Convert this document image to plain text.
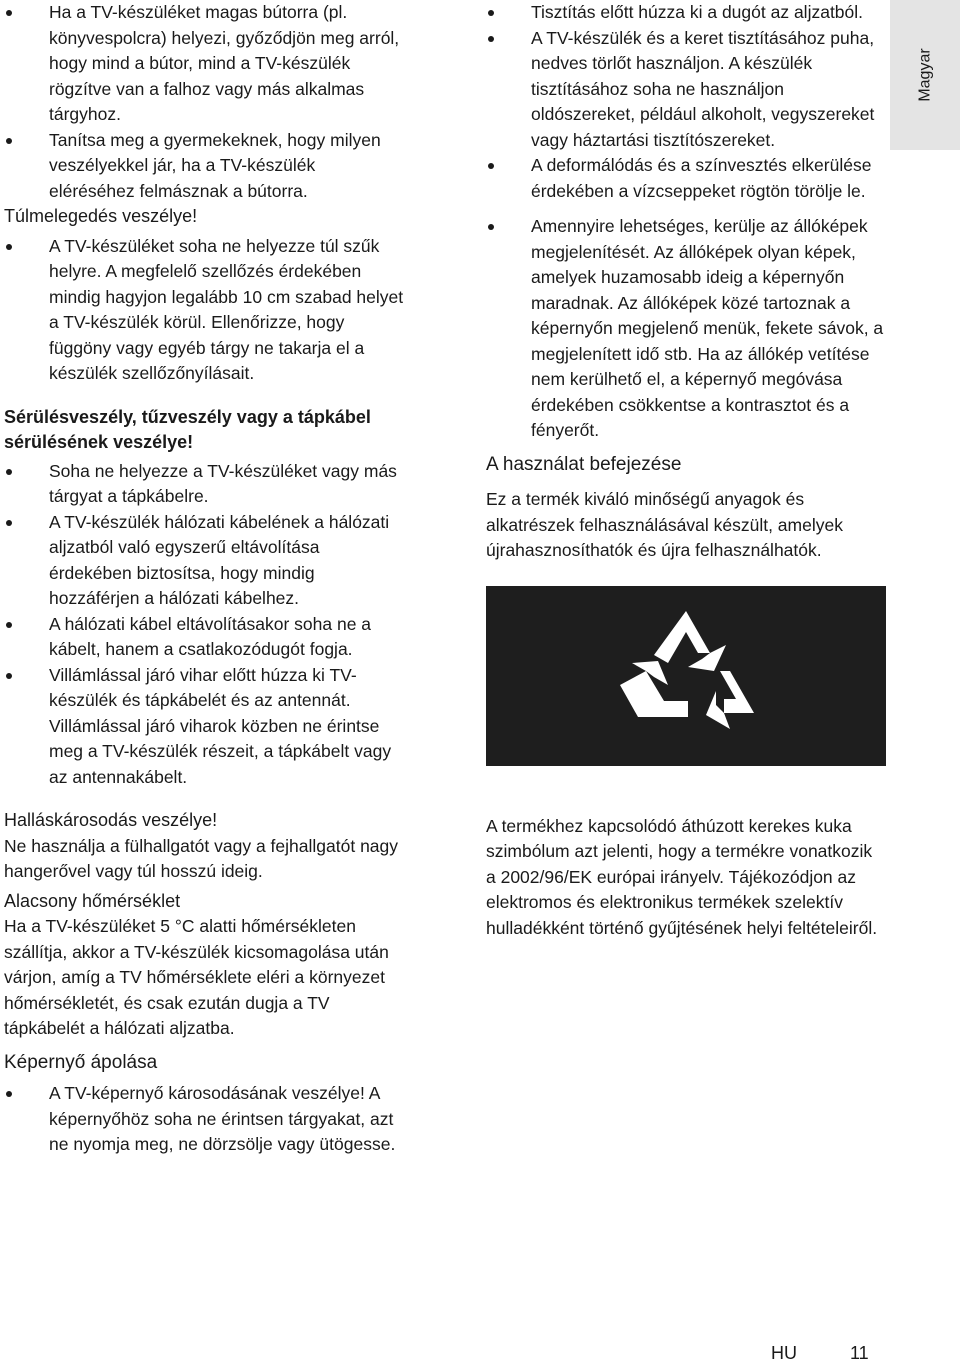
Magyar
Ha a TV-készüléket magas bútorra (pl. könyvespolcra) helyezi, győződjön meg arról, hogy mind a bútor, mind a TV-készülék rögzítve van a falhoz vagy más alkalmas tárgyhoz.
Tanítsa meg a gyermekeknek, hogy milyen veszélyekkel jár, ha a TV-készülék eléréséhez felmásznak a bútorra.
Túlmelegedés veszélye!
A TV-készüléket soha ne helyezze túl szűk helyre. A megfelelő szellőzés érdekében mindig hagyjon legalább 10 cm szabad helyet a TV-készülék körül. Ellenőrizze, hogy függöny vagy egyéb tárgy ne takarja el a készülék szellőzőnyílásait.
Sérülésveszély, tűzveszély vagy a tápkábel sérülésének veszélye!
Soha ne helyezze a TV-készüléket vagy más tárgyat a tápkábelre.
A TV-készülék hálózati kábelének a hálózati aljzatból való egyszerű eltávolítása érdekében biztosítsa, hogy mindig hozzáférjen a hálózati kábelhez.
A hálózati kábel eltávolításakor soha ne a kábelt, hanem a csatlakozódugót fogja.
Villámlással járó vihar előtt húzza ki TV-készülék és tápkábelét és az antennát. Villámlással járó viharok közben ne érintse meg a TV-készülék részeit, a tápkábelt vagy az antennakábelt.
Halláskárosodás veszélye!

Ne használja a fülhallgatót vagy a fejhallgatót nagy hangerővel vagy túl hosszú ideig.

Alacsony hőmérséklet

Ha a TV-készüléket 5 °C alatti hőmérsékleten szállítja, akkor a TV-készülék kicsomagolása után várjon, amíg a TV hőmérséklete eléri a környezet hőmérsékletét, és csak ezután dugja a TV tápkábelét a hálózati aljzatba.

Képernyő ápolása
A TV-képernyő károsodásának veszélye! A képernyőhöz soha ne érintsen tárgyakat, azt ne nyomja meg, ne dörzsölje vagy ütögesse.
Tisztítás előtt húzza ki a dugót az aljzatból.
A TV-készülék és a keret tisztításához puha, nedves törlőt használjon. A készülék tisztításához soha ne használjon oldószereket, például alkoholt, vegyszereket vagy háztartási tisztítószereket.
A deformálódás és a színvesztés elkerülése érdekében a vízcseppeket rögtön törölje le.
Amennyire lehetséges, kerülje az állóképek megjelenítését. Az állóképek olyan képek, amelyek huzamosabb ideig a képernyőn maradnak. Az állóképek közé tartoznak a képernyőn megjelenő menük, fekete sávok, a megjelenített idő stb. Ha az állókép vetítése nem kerülhető el, a képernyő megóvása érdekében csökkentse a kontrasztot és a fényerőt.
A használat befejezése

Ez a termék kiváló minőségű anyagok és alkatrészek felhasználásával készült, amelyek újrahasznosíthatók és újra felhasználhatók.

A termékhez kapcsolódó áthúzott kerekes kuka szimbólum azt jelenti, hogy a termékre vonatkozik a 2002/96/EK európai irányelv. Tájékozódjon az elektromos és elektronikus termékek szelektív hulladékként történő gyűjtésének helyi feltételeiről.

HU	11
